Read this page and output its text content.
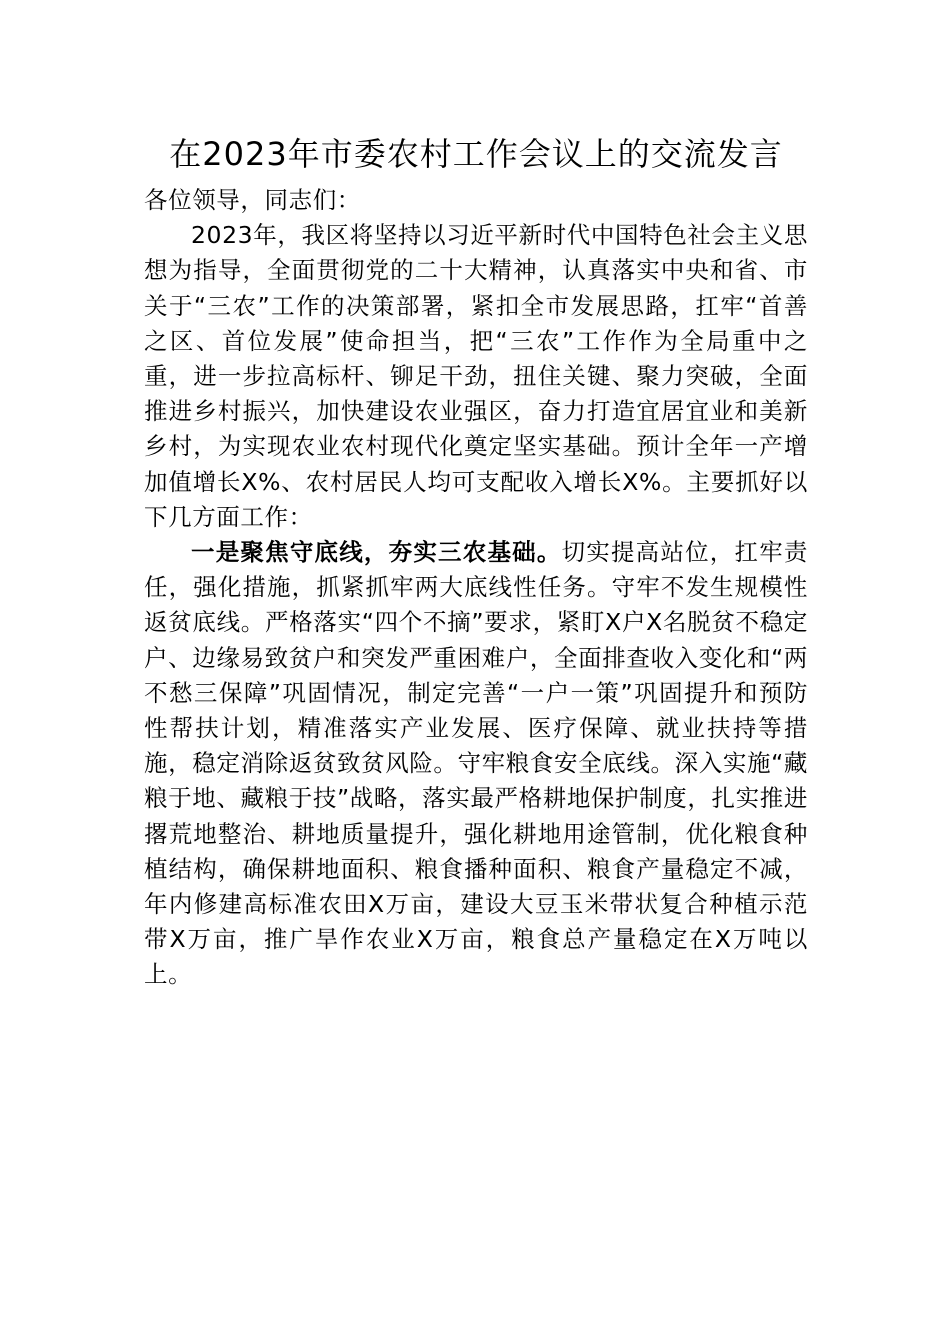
在2023年市委农村工作会议上的交流发言

各位领导，同志们：

2023年，我区将坚持以习近平新时代中国特色社会主义思想为指导，全面贯彻党的二十大精神，认真落实中央和省、市关于“三农”工作的决策部署，紧扣全市发展思路，扛牢“首善之区、首位发展”使命担当，把“三农”工作作为全局重中之重，进一步拉高标杆、铆足干劲，扭住关键、聚力突破，全面推进乡村振兴，加快建设农业强区，奋力打造宜居宜业和美新乡村，为实现农业农村现代化奠定坚实基础。预计全年一产增加值增长X%、农村居民人均可支配收入增长X%。主要抓好以下几方面工作：

一是聚焦守底线，夯实三农基础。切实提高站位，扛牢责任，强化措施，抓紧抓牢两大底线性任务。守牢不发生规模性返贫底线。严格落实“四个不摘”要求，紧盯X户X名脱贫不稳定户、边缘易致贫户和突发严重困难户，全面排查收入变化和“两不愁三保障”巩固情况，制定完善“一户一策”巩固提升和预防性帮扶计划，精准落实产业发展、医疗保障、就业扶持等措施，稳定消除返贫致贫风险。守牢粮食安全底线。深入实施“藏粮于地、藏粮于技”战略，落实最严格耕地保护制度，扎实推进撂荒地整治、耕地质量提升，强化耕地用途管制，优化粮食种植结构，确保耕地面积、粮食播种面积、粮食产量稳定不减，年内修建高标准农田X万亩，建设大豆玉米带状复合种植示范带X万亩，推广旱作农业X万亩，粮食总产量稳定在X万吨以上。
